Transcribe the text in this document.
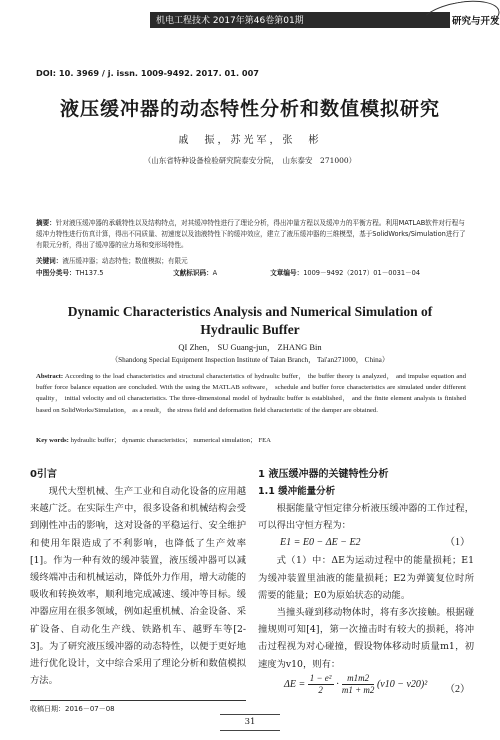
机电工程技术 2017年第46卷第01期	研究与开发
DOI: 10. 3969 / j. issn. 1009-9492. 2017. 01. 007
液压缓冲器的动态特性分析和数值模拟研究
戚　振，苏光军，张　彬
（山东省特种设备检验研究院泰安分院，　山东泰安　271000）
摘要：针对液压缓冲器的承载特性以及结构特点，对其缓冲特性进行了理论分析，得出冲量方程以及缓冲力的平衡方程。利用MATLAB软件对行程与缓冲力特性进行仿真计算，得出不同质量、初速度以及油液特性下的缓冲效应，建立了液压缓冲器的三维模型，基于SolidWorks/Simulation进行了有限元分析，得出了缓冲器的应力场和变形场特性。
关键词：液压缓冲器；动态特性；数值模拟；有限元
中图分类号：TH137.5	文献标识码：A	文章编号：1009－9492（2017）01－0031－04
Dynamic Characteristics Analysis and Numerical Simulation of
Hydraulic Buffer
QI Zhen， SU Guang-jun， ZHANG Bin
（Shandong Special Equipment Inspection Institute of Taian Branch， Tai'an271000， China）
Abstract: According to the load characteristics and structural characteristics of hydraulic buffer， the buffer theory is analyzed， and impulse equation and buffer force balance equation are concluded. With the using the MATLAB software， schedule and buffer force characteristics are simulated under different quality， initial velocity and oil characteristics. The three-dimensional model of hydraulic buffer is established， and the finite element analysis is finished based on SolidWorks/Simulation， as a result， the stress field and deformation field characteristic of the damper are obtained.
Key words: hydraulic buffer； dynamic characteristics； numerical simulation； FEA
0引言
现代大型机械、生产工业和自动化设备的应用越来越广泛。在实际生产中，很多设备和机械结构会受到刚性冲击的影响，这对设备的平稳运行、安全维护和使用年限造成了不利影响，也降低了生产效率[1]。作为一种有效的缓冲装置，液压缓冲器可以减缓终端冲击和机械运动，降低外力作用，增大动能的吸收和转换效率，顺利地完成减速、缓冲等目标。缓冲器应用在很多领域，例如起重机械、冶金设备、采矿设备、自动化生产线、铁路机车、越野车等[2-3]。为了研究液压缓冲器的动态特性，以便于更好地进行优化设计，文中综合采用了理论分析和数值模拟方法。
1 液压缓冲器的关键特性分析
1.1 缓冲能量分析
根据能量守恒定律分析液压缓冲器的工作过程，可以得出守恒方程为：
E1 = E0 − ΔE − E2	（1）
式（1）中：ΔE为运动过程中的能量损耗；E1为缓冲装置里油液的能量损耗；E2为弹簧复位时所需要的能量；E0为原始状态的动能。
当撞头碰到移动物体时，将有多次接触。根据碰撞规则可知[4]，第一次撞击时有较大的损耗，将冲击过程视为对心碰撞，假设物体移动时质量m1，初速度为v10，则有：
$\Delta E = \frac{\text{1 − e²}}{2} \cdot \frac{m1m2}{m1 + m2} (v10 - v20)^2$ （2）
收稿日期：2016－07－08
31
